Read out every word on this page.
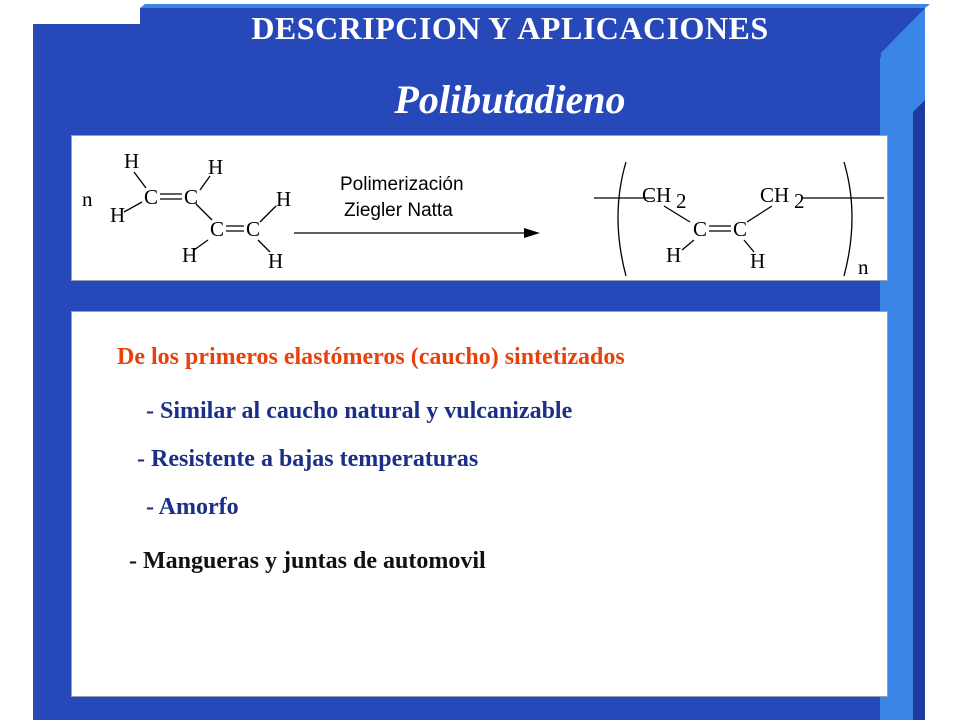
DESCRIPCION Y APLICACIONES
Polibutadieno
n
H
H
C C
H
C C
H
H	H
Polimerización
Ziegler Natta
CH 2
C C
CH 2
H	H	n
De los primeros elastómeros (caucho) sintetizados
- Similar al caucho natural y vulcanizable
- Resistente a bajas temperaturas
- Amorfo
- Mangueras y juntas de automovil
